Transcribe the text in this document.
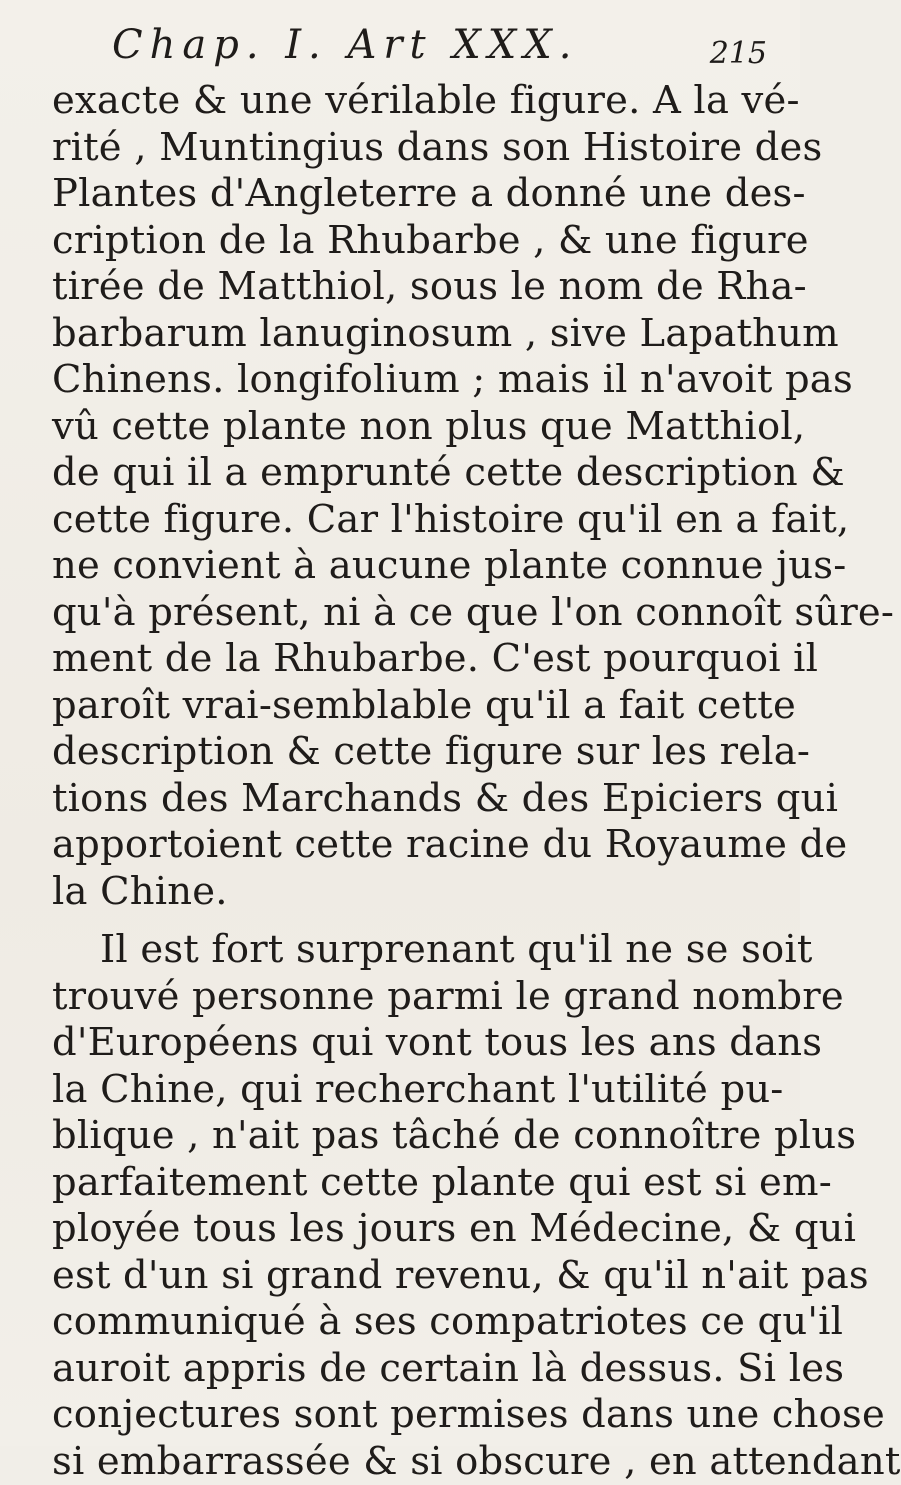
Chap. I. Art XXX.	215
exacte & une vérilable figure. A la vé-
rité , Muntingius dans son Histoire des
Plantes d'Angleterre a donné une des-
cription de la Rhubarbe , & une figure
tirée de Matthiol, sous le nom de Rha-
barbarum lanuginosum , sive Lapathum
Chinens. longifolium ; mais il n'avoit pas
vû cette plante non plus que Matthiol,
de qui il a emprunté cette description &
cette figure. Car l'histoire qu'il en a fait,
ne convient à aucune plante connue jus-
qu'à présent, ni à ce que l'on connoît sûre-
ment de la Rhubarbe. C'est pourquoi il
paroît vrai-semblable qu'il a fait cette
description & cette figure sur les rela-
tions des Marchands & des Epiciers qui
apportoient cette racine du Royaume de
la Chine.
Il est fort surprenant qu'il ne se soit
trouvé personne parmi le grand nombre
d'Européens qui vont tous les ans dans
la Chine, qui recherchant l'utilité pu-
blique , n'ait pas tâché de connoître plus
parfaitement cette plante qui est si em-
ployée tous les jours en Médecine, & qui
est d'un si grand revenu, & qu'il n'ait pas
communiqué à ses compatriotes ce qu'il
auroit appris de certain là dessus. Si les
conjectures sont permises dans une chose
si embarrassée & si obscure , en attendant
